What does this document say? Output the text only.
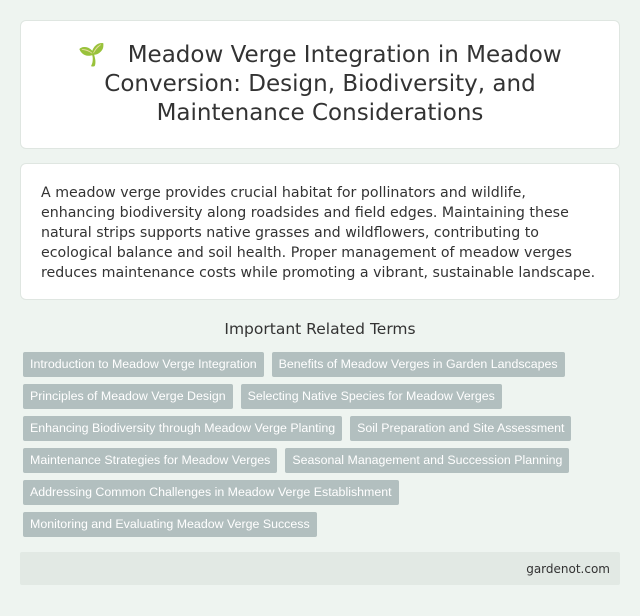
🌱 Meadow Verge Integration in Meadow Conversion: Design, Biodiversity, and Maintenance Considerations

A meadow verge provides crucial habitat for pollinators and wildlife, enhancing biodiversity along roadsides and field edges. Maintaining these natural strips supports native grasses and wildflowers, contributing to ecological balance and soil health. Proper management of meadow verges reduces maintenance costs while promoting a vibrant, sustainable landscape.

Important Related Terms
Introduction to Meadow Verge Integration	Benefits of Meadow Verges in Garden Landscapes
Principles of Meadow Verge Design	Selecting Native Species for Meadow Verges
Enhancing Biodiversity through Meadow Verge Planting	Soil Preparation and Site Assessment
Maintenance Strategies for Meadow Verges	Seasonal Management and Succession Planning
Addressing Common Challenges in Meadow Verge Establishment
Monitoring and Evaluating Meadow Verge Success
gardenot.com
